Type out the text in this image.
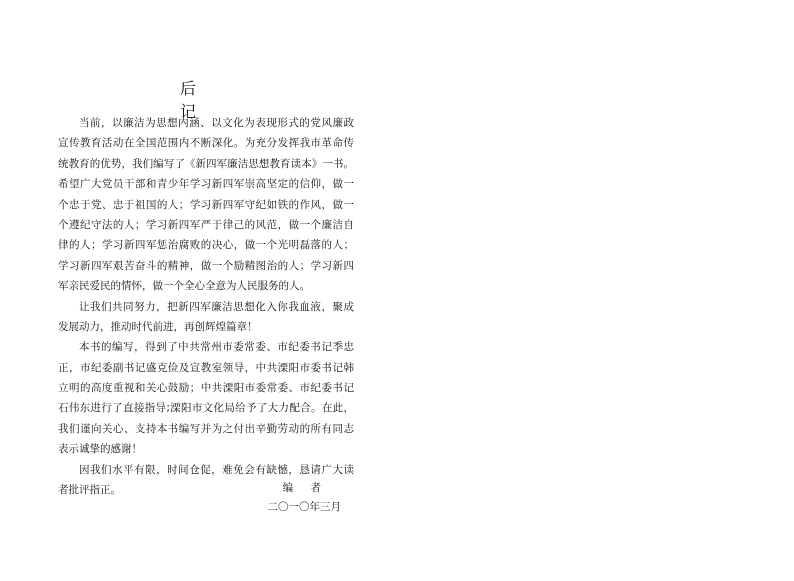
后 记
当前，以廉洁为思想内涵、以文化为表现形式的党风廉政
宣传教育活动在全国范围内不断深化。为充分发挥我市革命传
统教育的优势，我们编写了《新四军廉洁思想教育读本》一书。
希望广大党员干部和青少年学习新四军崇高坚定的信仰，做一
个忠于党、忠于祖国的人；学习新四军守纪如铁的作风，做一
个遵纪守法的人；学习新四军严于律己的风范，做一个廉洁自
律的人；学习新四军惩治腐败的决心，做一个光明磊落的人；
学习新四军艰苦奋斗的精神，做一个励精图治的人；学习新四
军亲民爱民的情怀，做一个全心全意为人民服务的人。
让我们共同努力，把新四军廉洁思想化入你我血液，聚成
发展动力，推动时代前进，再创辉煌篇章！
本书的编写，得到了中共常州市委常委、市纪委书记季忠
正，市纪委副书记盛克俭及宣教室领导，中共溧阳市委书记韩
立明的高度重视和关心鼓励；中共溧阳市委常委、市纪委书记
石伟东进行了直接指导;溧阳市文化局给予了大力配合。在此，
我们谨向关心、支持本书编写并为之付出辛勤劳动的所有同志
表示诚挚的感谢！
因我们水平有限，时间仓促，难免会有缺憾，恳请广大读
者批评指正。	编 者
二〇一〇年三月
